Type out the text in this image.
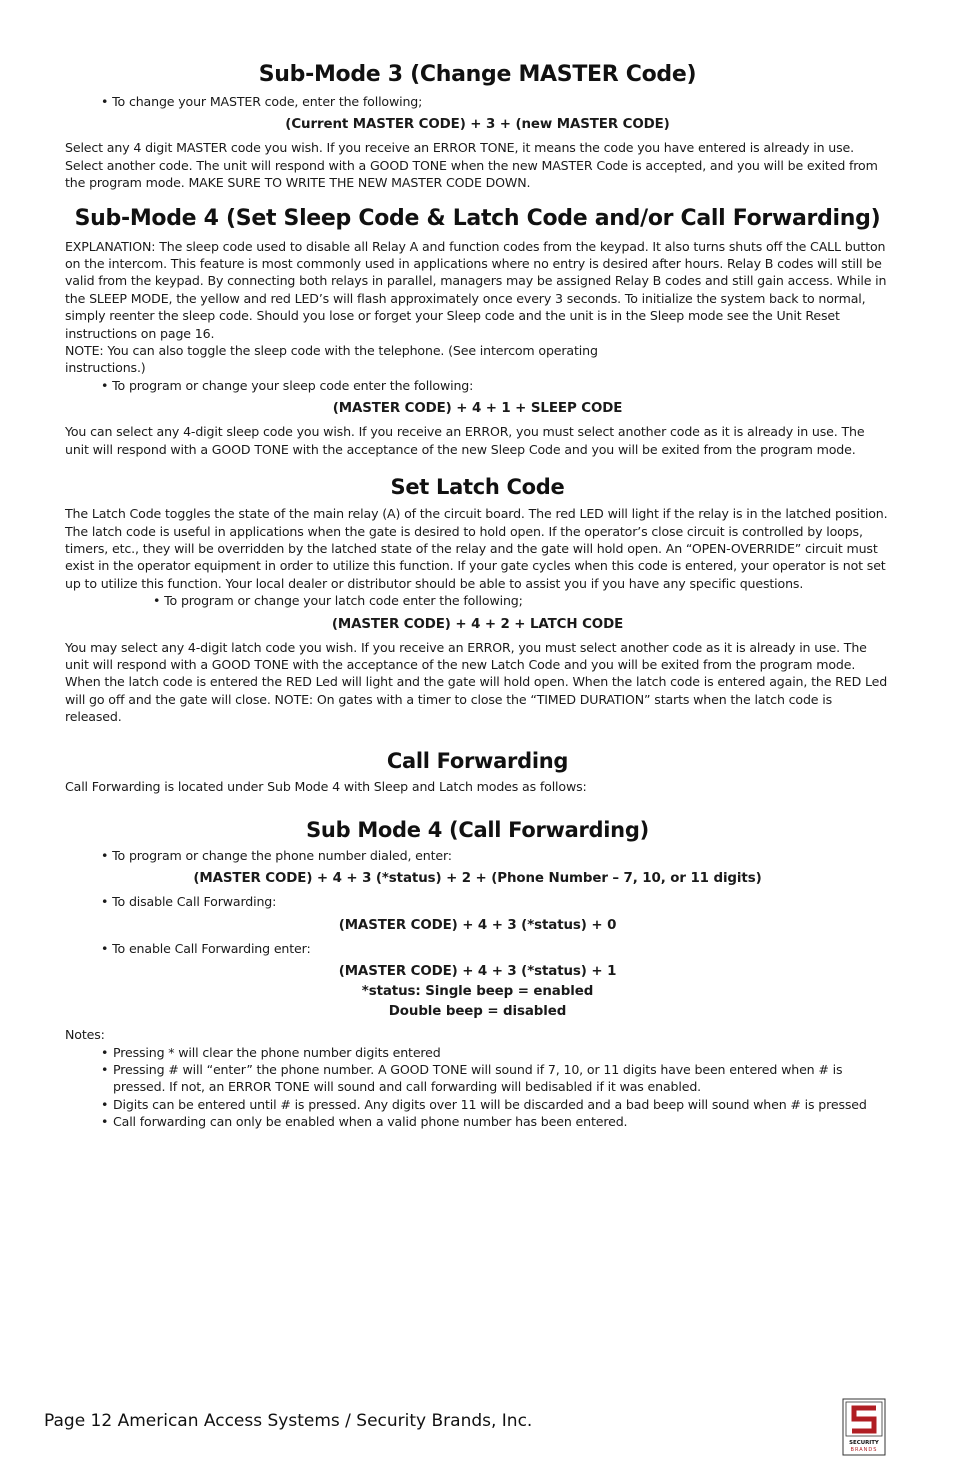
Sub-Mode 3 (Change MASTER Code)

• To change your MASTER code, enter the following;

(Current MASTER CODE) + 3 + (new MASTER CODE)

Select any 4 digit MASTER code you wish. If you receive an ERROR TONE, it means the code you have entered is already in use. Select another code. The unit will respond with a GOOD TONE when the new MASTER Code is accepted, and you will be exited from the program mode. MAKE SURE TO WRITE THE NEW MASTER CODE DOWN.

Sub-Mode 4 (Set Sleep Code & Latch Code and/or Call Forwarding)

EXPLANATION: The sleep code used to disable all Relay A and function codes from the keypad. It also turns shuts off the CALL button on the intercom. This feature is most commonly used in applications where no entry is desired after hours. Relay B codes will still be valid from the keypad. By connecting both relays in parallel, managers may be assigned Relay B codes and still gain access. While in the SLEEP MODE, the yellow and red LED’s will flash approximately once every 3 seconds. To initialize the system back to normal, simply reenter the sleep code. Should you lose or forget your Sleep code and the unit is in the Sleep mode see the Unit Reset instructions on page 16.

NOTE: You can also toggle the sleep code with the telephone. (See intercom operating

instructions.)

• To program or change your sleep code enter the following:

(MASTER CODE) + 4 + 1 + SLEEP CODE

You can select any 4-digit sleep code you wish. If you receive an ERROR, you must select another code as it is already in use. The unit will respond with a GOOD TONE with the acceptance of the new Sleep Code and you will be exited from the program mode.

Set Latch Code

The Latch Code toggles the state of the main relay (A) of the circuit board. The red LED will light if the relay is in the latched position. The latch code is useful in applications when the gate is desired to hold open. If the operator’s close circuit is controlled by loops, timers, etc., they will be overridden by the latched state of the relay and the gate will hold open. An “OPEN-OVERRIDE” circuit must exist in the operator equipment in order to utilize this function. If your gate cycles when this code is entered, your operator is not set up to utilize this function. Your local dealer or distributor should be able to assist you if you have any specific questions.

• To program or change your latch code enter the following;

(MASTER CODE) + 4 + 2 + LATCH CODE

You may select any 4-digit latch code you wish. If you receive an ERROR, you must select another code as it is already in use. The unit will respond with a GOOD TONE with the acceptance of the new Latch Code and you will be exited from the program mode. When the latch code is entered the RED Led will light and the gate will hold open. When the latch code is entered again, the RED Led will go off and the gate will close. NOTE: On gates with a timer to close the “TIMED DURATION” starts when the latch code is released.

Call Forwarding

Call Forwarding is located under Sub Mode 4 with Sleep and Latch modes as follows:

Sub Mode 4 (Call Forwarding)

• To program or change the phone number dialed, enter:

(MASTER CODE) + 4 + 3 (*status) + 2 + (Phone Number – 7, 10, or 11 digits)

• To disable Call Forwarding:

(MASTER CODE) + 4 + 3 (*status) + 0

• To enable Call Forwarding enter:

(MASTER CODE) + 4 + 3 (*status) + 1

*status: Single beep = enabled

Double beep = disabled

Notes:

• Pressing * will clear the phone number digits entered
• Pressing # will “enter” the phone number. A GOOD TONE will sound if 7, 10, or 11 digits have been entered when # is pressed. If not, an ERROR TONE will sound and call forwarding will bedisabled if it was enabled.
• Digits can be entered until # is pressed. Any digits over 11 will be discarded and a bad beep will sound when # is pressed
• Call forwarding can only be enabled when a valid phone number has been entered.
Page 12 American Access Systems / Security Brands, Inc.
SECURITY
BRANDS
